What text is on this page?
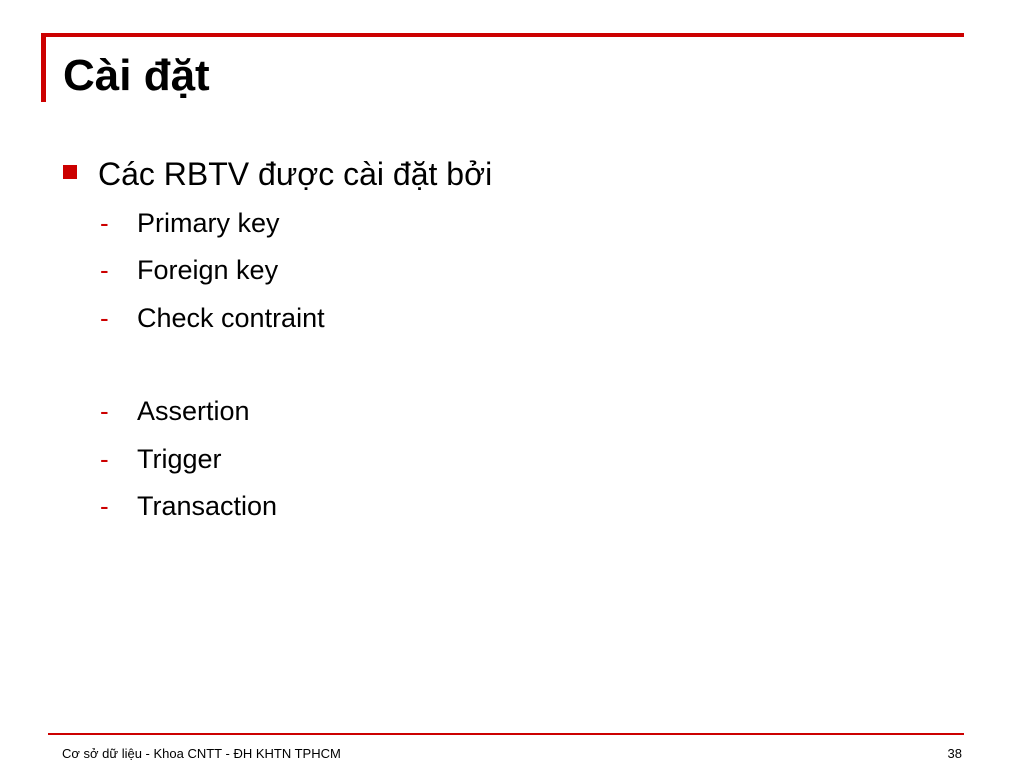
Cài đặt
Các RBTV được cài đặt bởi
-	Primary key
-	Foreign key
-	Check contraint
-	Assertion
-	Trigger
-	Transaction
Cơ sở dữ liệu - Khoa CNTT - ĐH KHTN TPHCM	38
